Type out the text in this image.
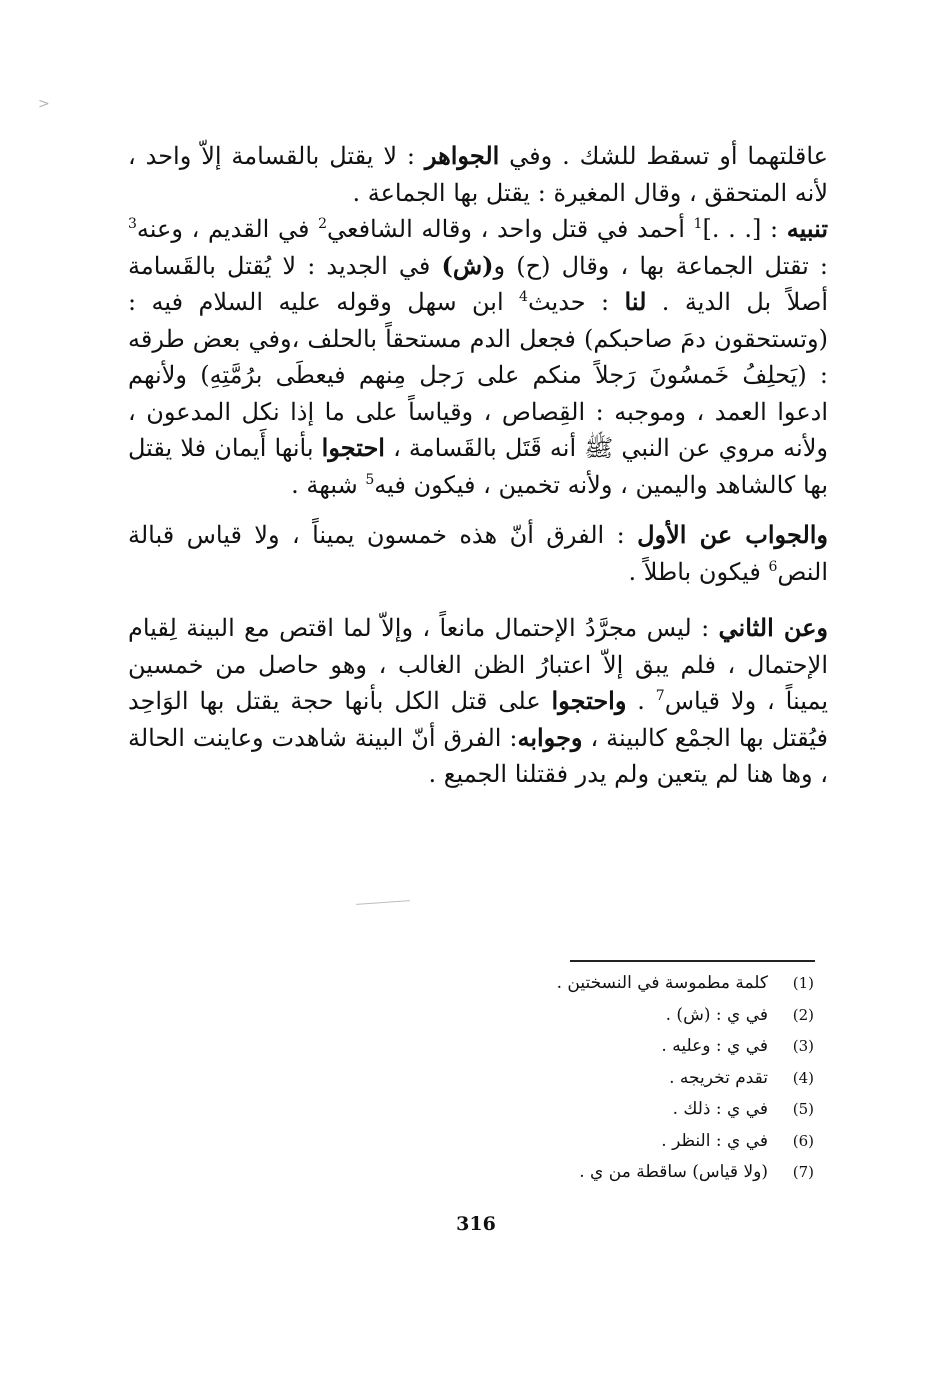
>

عاقلتهما أو تسقط للشك . وفي الجواهر : لا يقتل بالقسامة إلاّ واحد ، لأنه المتحقق ، وقال المغيرة : يقتل بها الجماعة .

تنبيه : [. . .]$^1$ أحمد في قتل واحد ، وقاله الشافعي$^2$ في القديم ، وعنه$^3$ : تقتل الجماعة بها ، وقال (ح) و(ش) في الجديد : لا يُقتل بالقَسامة أصلاً بل الدية . لنا : حديث$^4$ ابن سهل وقوله عليه السلام فيه : (وتستحقون دمَ صاحبكم) فجعل الدم مستحقاً بالحلف ،وفي بعض طرقه : (يَحلِفُ خَمسُونَ رَجلاً منكم على رَجل مِنهم فيعطَى برُمَّتِهِ) ولأنهم ادعوا العمد ، وموجبه : القِصاص ، وقياساً على ما إذا نكل المدعون ، ولأنه مروي عن النبي ﷺ أنه قَتَل بالقَسامة ، احتجوا بأنها أَيمان فلا يقتل بها كالشاهد واليمين ، ولأنه تخمين ، فيكون فيه$^5$ شبهة .

والجواب عن الأول : الفرق أنّ هذه خمسون يميناً ، ولا قياس قبالة النص$^6$ فيكون باطلاً .

وعن الثاني : ليس مجرَّدُ الإحتمال مانعاً ، وإلاّ لما اقتص مع البينة لِقيام الإحتمال ، فلم يبق إلاّ اعتبارُ الظن الغالب ، وهو حاصل من خمسين يميناً ، ولا قياس$^7$ . واحتجوا على قتل الكل بأنها حجة يقتل بها الوَاحِد فيُقتل بها الجمْع كالبينة ، وجوابه: الفرق أنّ البينة شاهدت وعاينت الحالة ، وها هنا لم يتعين ولم يدر فقتلنا الجميع .

(1)
كلمة مطموسة في النسختين .
(2)
في ي : (ش) .
(3)
في ي : وعليه .
(4)
تقدم تخريجه .
(5)
في ي : ذلك .
(6)
في ي : النظر .
(7)
(ولا قياس) ساقطة من ي .
316
